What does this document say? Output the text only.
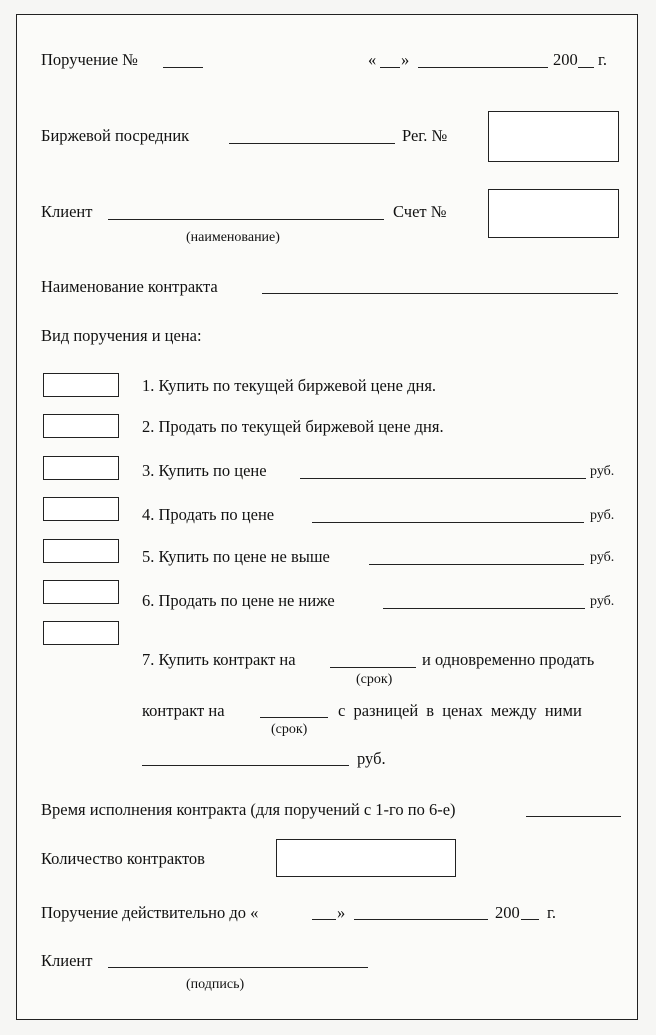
Поручение №	« »	200 г.
Биржевой посредник	Рег. №
Клиент
(наименование)
Счет №
Наименование контракта
Вид поручения и цена:
1. Купить по текущей биржевой цене дня.
2. Продать по текущей биржевой цене дня.
3. Купить по цене	руб.
4. Продать по цене	руб.
5. Купить по цене не выше	руб.
6. Продать по цене не ниже	руб.
7. Купить контракт на	и одновременно продать
(срок)
контракт на	с разницей в ценах между ними
(срок)
руб.
Время исполнения контракта (для поручений с 1-го по 6-е)
Количество контрактов
Поручение действительно до «	»	200 г.
Клиент
(подпись)
